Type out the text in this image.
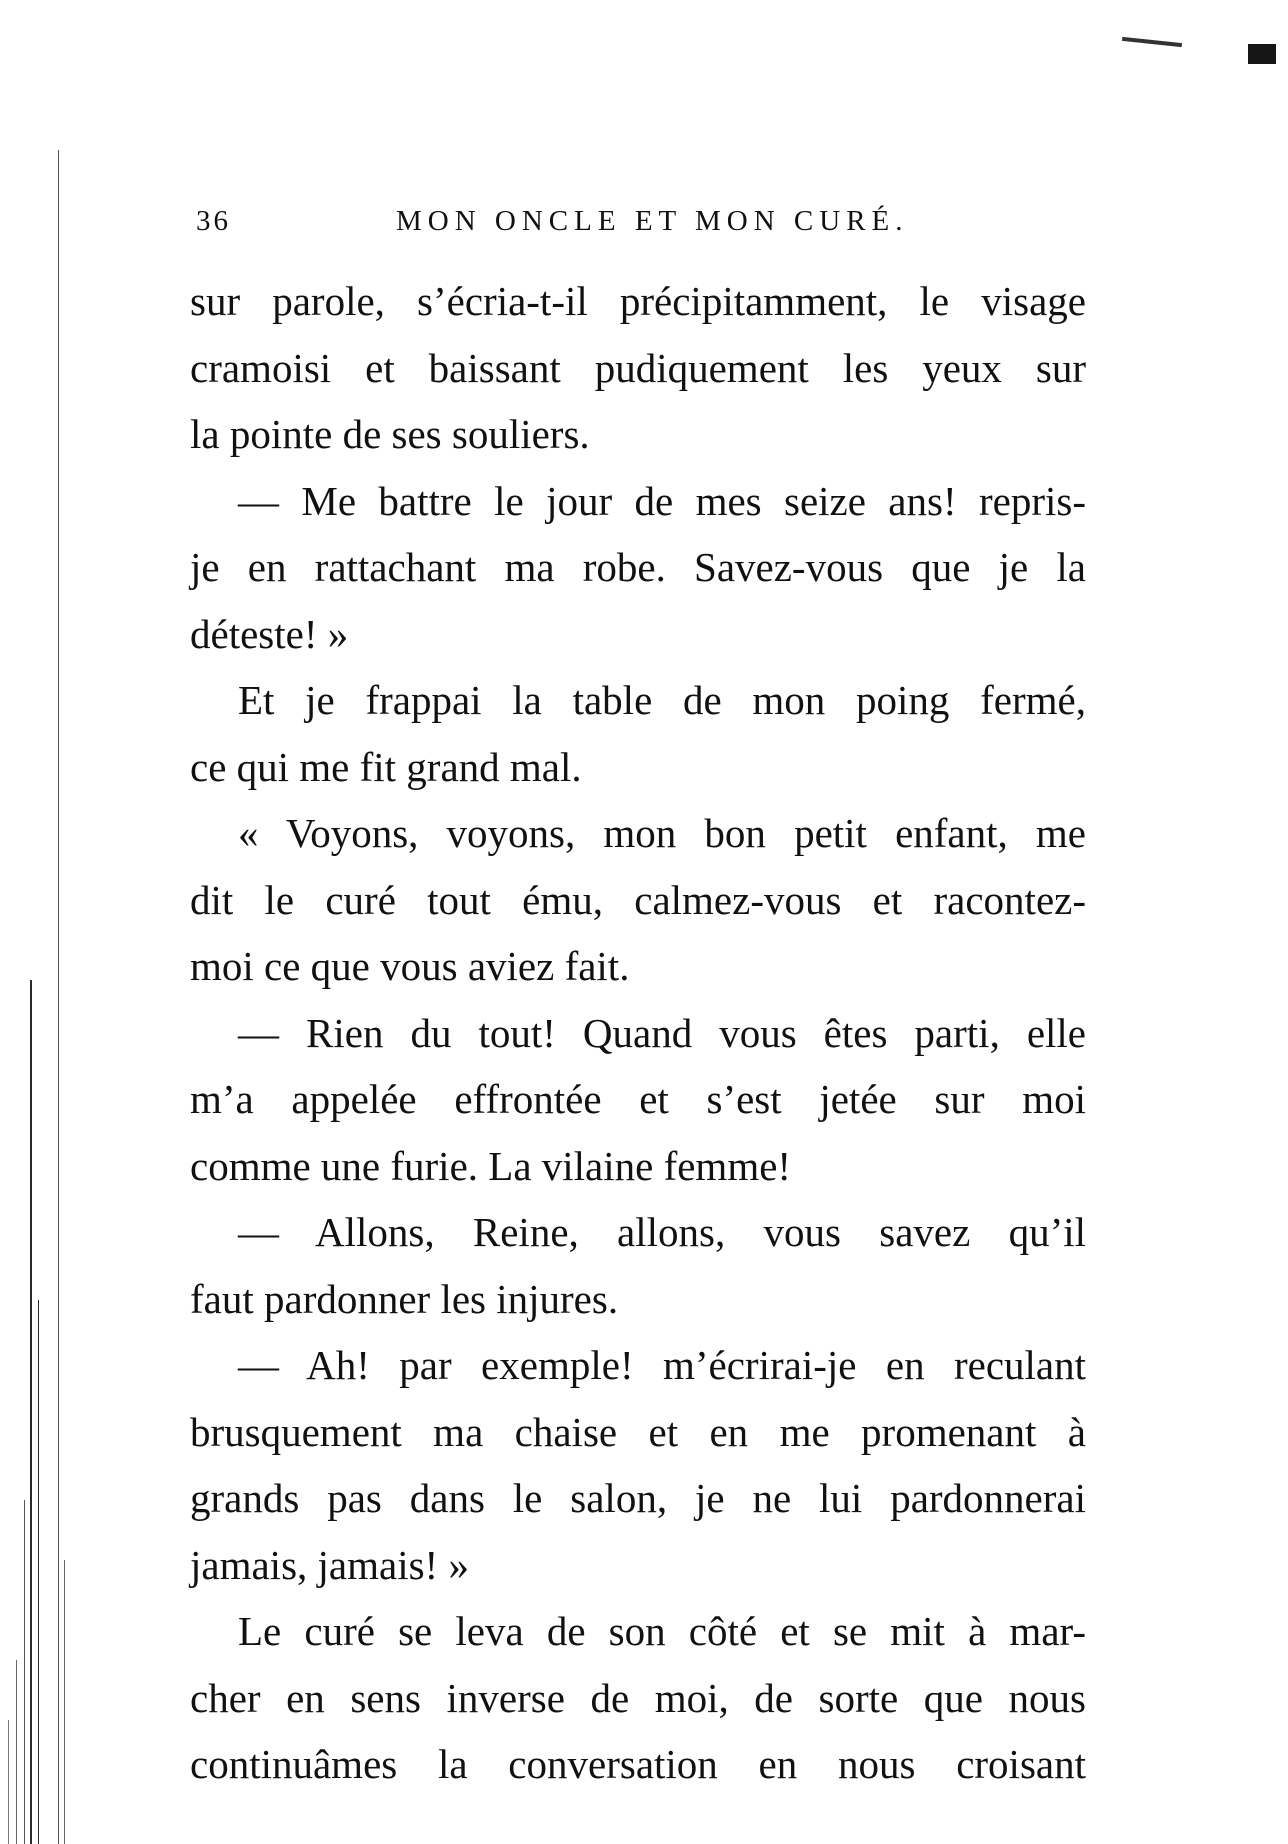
36	MON ONCLE ET MON CURÉ.
sur parole, s’écria-t-il précipitamment, le visage
cramoisi et baissant pudiquement les yeux sur
la pointe de ses souliers.
— Me battre le jour de mes seize ans! repris-
je en rattachant ma robe. Savez-vous que je la
déteste! »
Et je frappai la table de mon poing fermé,
ce qui me fit grand mal.
« Voyons, voyons, mon bon petit enfant, me
dit le curé tout ému, calmez-vous et racontez-
moi ce que vous aviez fait.
— Rien du tout! Quand vous êtes parti, elle
m’a appelée effrontée et s’est jetée sur moi
comme une furie. La vilaine femme!
— Allons, Reine, allons, vous savez qu’il
faut pardonner les injures.
— Ah! par exemple! m’écrirai-je en reculant
brusquement ma chaise et en me promenant à
grands pas dans le salon, je ne lui pardonnerai
jamais, jamais! »
Le curé se leva de son côté et se mit à mar-
cher en sens inverse de moi, de sorte que nous
continuâmes la conversation en nous croisant
